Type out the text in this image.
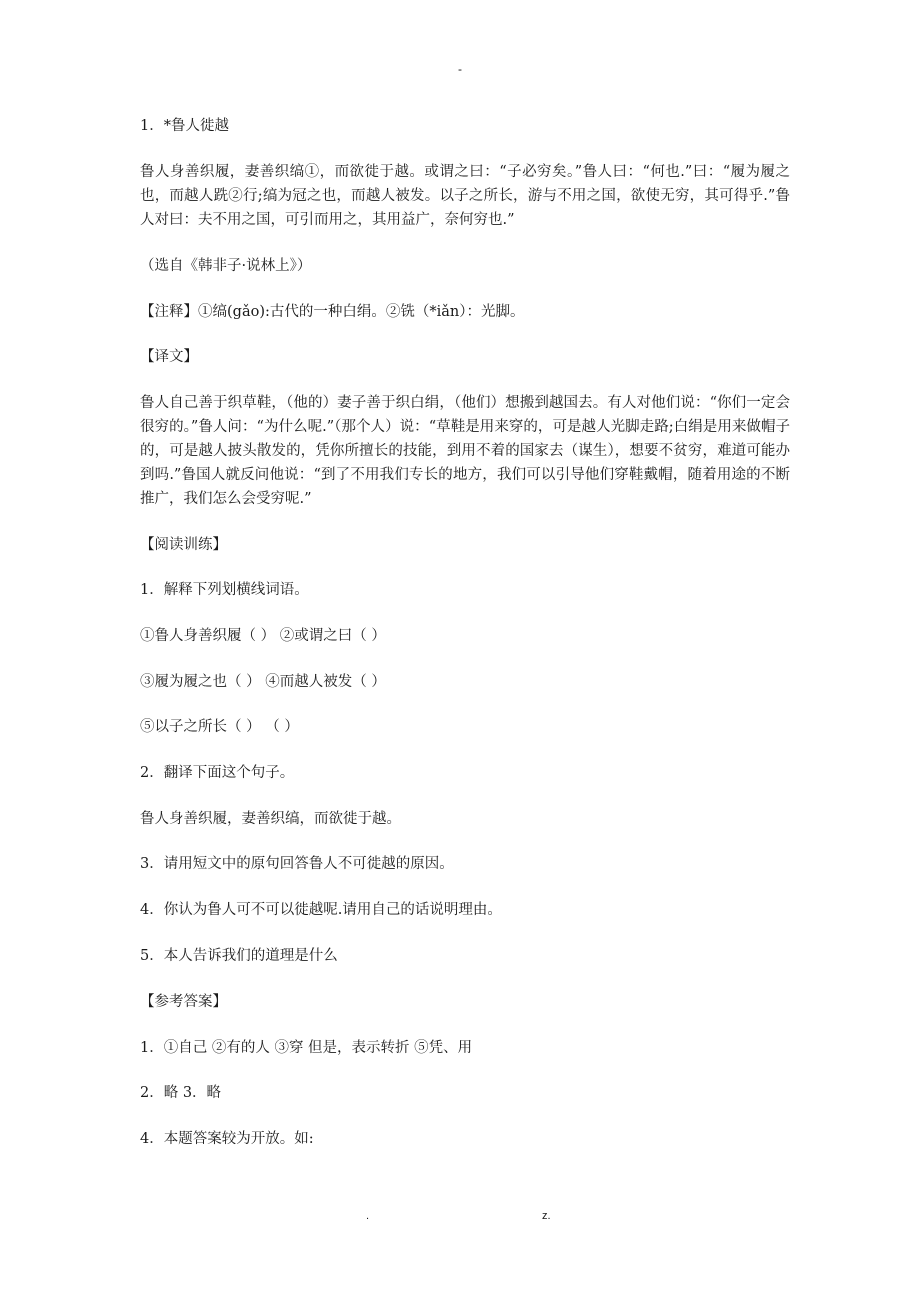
-
1．*鲁人徙越
鲁人身善织履，妻善织缟①，而欲徙于越。或谓之曰：“子必穷矣。”鲁人曰：“何也.”曰：“履为履之也，而越人跣②行;缟为冠之也，而越人被发。以子之所长，游与不用之国，欲使无穷，其可得乎.”鲁人对曰：夫不用之国，可引而用之，其用益广，奈何穷也.”
（选自《韩非子·说林上》）
【注释】①缟(gǎo):古代的一种白绢。②铣（*iǎn）：光脚。
【译文】
鲁人自己善于织草鞋，（他的）妻子善于织白绢，（他们）想搬到越国去。有人对他们说：“你们一定会很穷的。”鲁人问：“为什么呢.”（那个人）说：“草鞋是用来穿的，可是越人光脚走路;白绢是用来做帽子的，可是越人披头散发的，凭你所擅长的技能，到用不着的国家去（谋生），想要不贫穷，难道可能办到吗.”鲁国人就反问他说：“到了不用我们专长的地方，我们可以引导他们穿鞋戴帽，随着用途的不断推广，我们怎么会受穷呢.”
【阅读训练】
1．解释下列划横线词语。
①鲁人身善织履（ ） ②或谓之曰（ ）
③履为履之也（ ） ④而越人被发（ ）
⑤以子之所长（ ） （ ）
2．翻译下面这个句子。
鲁人身善织履，妻善织缟，而欲徙于越。
3．请用短文中的原句回答鲁人不可徙越的原因。
4．你认为鲁人可不可以徙越呢.请用自己的话说明理由。
5．本人告诉我们的道理是什么
【参考答案】
1．①自己 ②有的人 ③穿 但是，表示转折 ⑤凭、用
2．略 3．略
4．本题答案较为开放。如:
.	z.
